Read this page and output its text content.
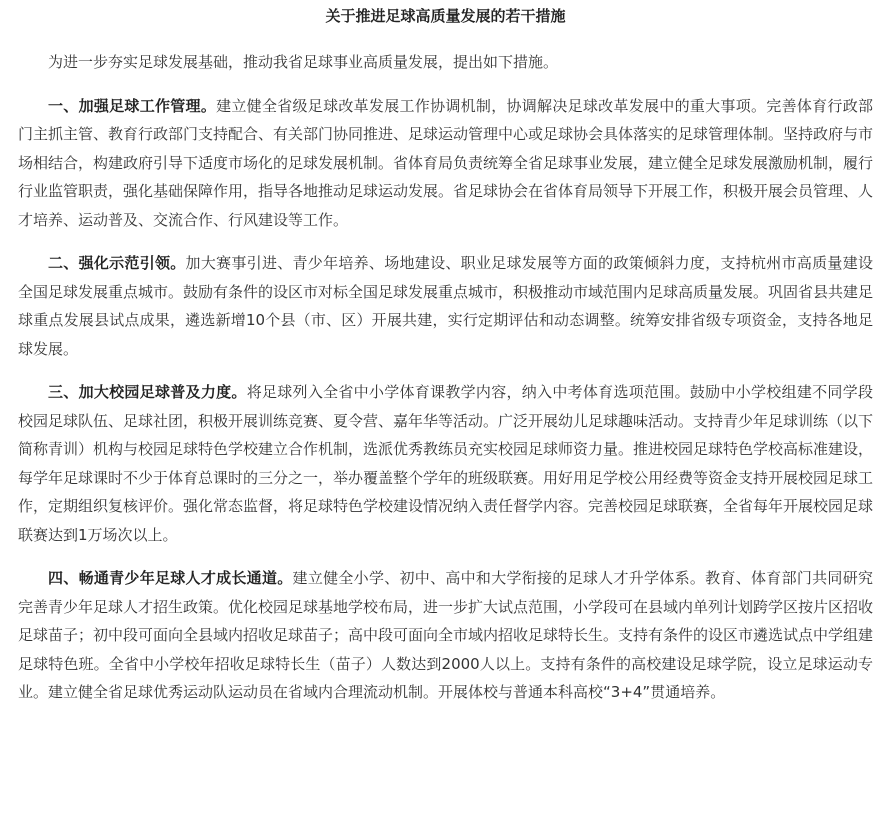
关于推进足球高质量发展的若干措施

为进一步夯实足球发展基础，推动我省足球事业高质量发展，提出如下措施。

一、加强足球工作管理。建立健全省级足球改革发展工作协调机制，协调解决足球改革发展中的重大事项。完善体育行政部门主抓主管、教育行政部门支持配合、有关部门协同推进、足球运动管理中心或足球协会具体落实的足球管理体制。坚持政府与市场相结合，构建政府引导下适度市场化的足球发展机制。省体育局负责统筹全省足球事业发展，建立健全足球发展激励机制，履行行业监管职责，强化基础保障作用，指导各地推动足球运动发展。省足球协会在省体育局领导下开展工作，积极开展会员管理、人才培养、运动普及、交流合作、行风建设等工作。

二、强化示范引领。加大赛事引进、青少年培养、场地建设、职业足球发展等方面的政策倾斜力度，支持杭州市高质量建设全国足球发展重点城市。鼓励有条件的设区市对标全国足球发展重点城市，积极推动市域范围内足球高质量发展。巩固省县共建足球重点发展县试点成果，遴选新增10个县（市、区）开展共建，实行定期评估和动态调整。统筹安排省级专项资金，支持各地足球发展。

三、加大校园足球普及力度。将足球列入全省中小学体育课教学内容，纳入中考体育选项范围。鼓励中小学校组建不同学段校园足球队伍、足球社团，积极开展训练竞赛、夏令营、嘉年华等活动。广泛开展幼儿足球趣味活动。支持青少年足球训练（以下简称青训）机构与校园足球特色学校建立合作机制，选派优秀教练员充实校园足球师资力量。推进校园足球特色学校高标准建设，每学年足球课时不少于体育总课时的三分之一，举办覆盖整个学年的班级联赛。用好用足学校公用经费等资金支持开展校园足球工作，定期组织复核评价。强化常态监督，将足球特色学校建设情况纳入责任督学内容。完善校园足球联赛，全省每年开展校园足球联赛达到1万场次以上。

四、畅通青少年足球人才成长通道。建立健全小学、初中、高中和大学衔接的足球人才升学体系。教育、体育部门共同研究完善青少年足球人才招生政策。优化校园足球基地学校布局，进一步扩大试点范围，小学段可在县域内单列计划跨学区按片区招收足球苗子；初中段可面向全县域内招收足球苗子；高中段可面向全市域内招收足球特长生。支持有条件的设区市遴选试点中学组建足球特色班。全省中小学校年招收足球特长生（苗子）人数达到2000人以上。支持有条件的高校建设足球学院，设立足球运动专业。建立健全省足球优秀运动队运动员在省域内合理流动机制。开展体校与普通本科高校“3+4”贯通培养。
